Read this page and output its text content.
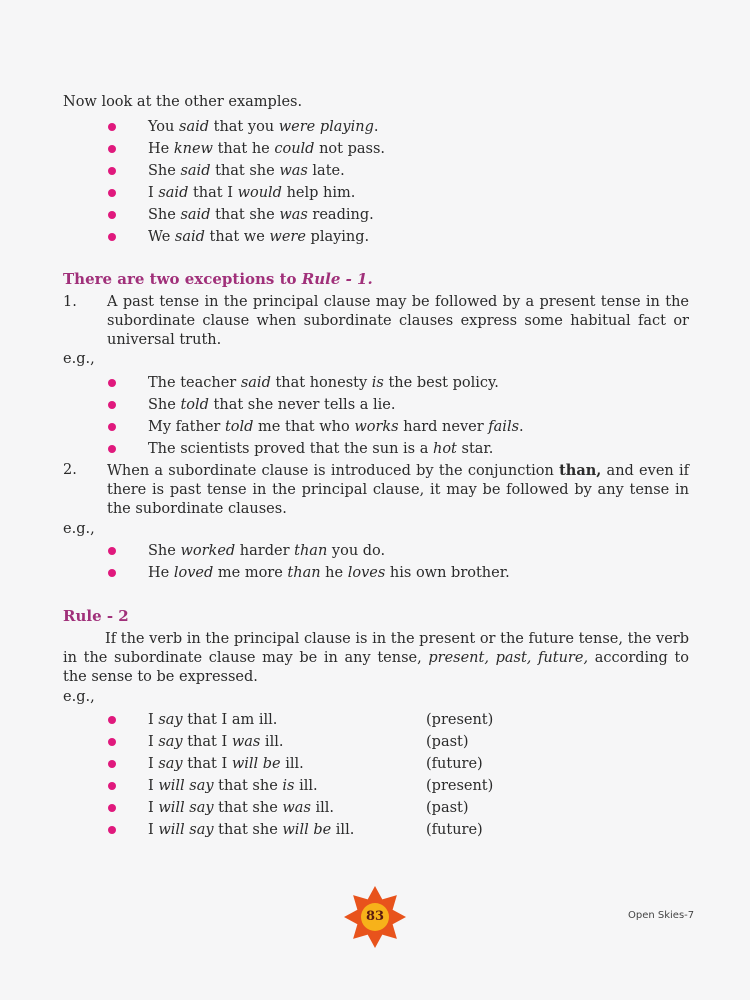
Now look at the other examples.
You said that you were playing.
He knew that he could not pass.
She said that she was late.
I said that I would help him.
She said that she was reading.
We said that we were playing.
There are two exceptions to Rule - 1.
1. A past tense in the principal clause may be followed by a present tense in the subordinate clause when subordinate clauses express some habitual fact or universal truth.
e.g.,
The teacher said that honesty is the best policy.
She told that she never tells a lie.
My father told me that who works hard never fails.
The scientists proved that the sun is a hot star.
2. When a subordinate clause is introduced by the conjunction than, and even if there is past tense in the principal clause, it may be followed by any tense in the subordinate clauses.
e.g.,
She worked harder than you do.
He loved me more than he loves his own brother.
Rule - 2
If the verb in the principal clause is in the present or the future tense, the verb in the subordinate clause may be in any tense, present, past, future, according to the sense to be expressed.
e.g.,
I say that I am ill.	(present)
I say that I was ill.	(past)
I say that I will be ill.	(future)
I will say that she is ill.	(present)
I will say that she was ill.	(past)
I will say that she will be ill.	(future)
83	Open Skies-7
